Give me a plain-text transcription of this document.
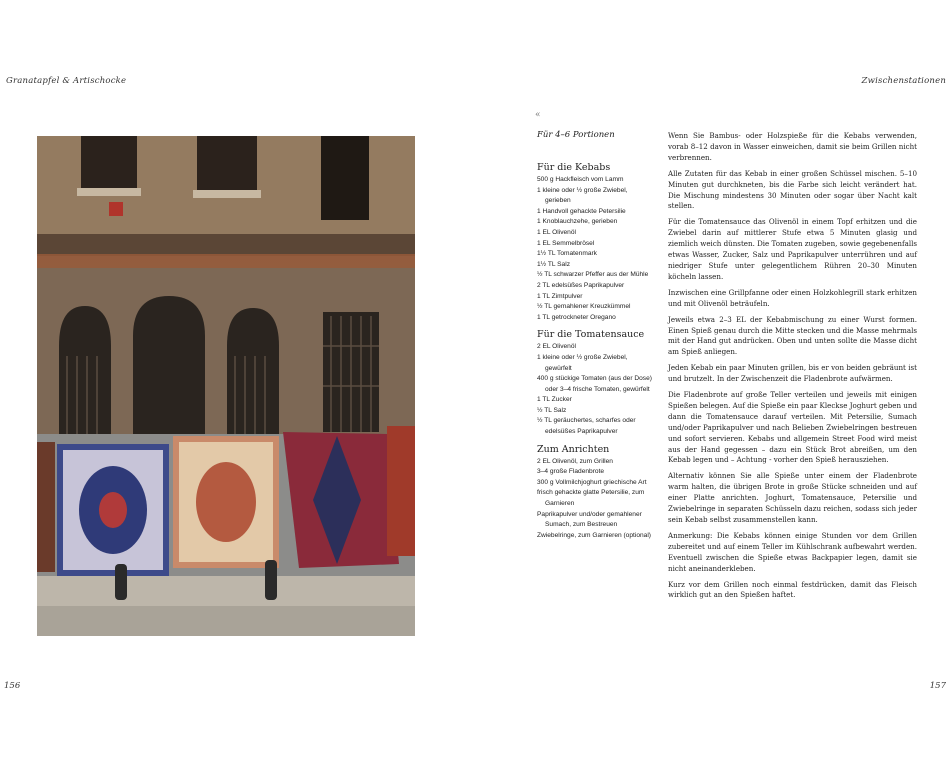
Granatapfel & Artischocke
156
Zwischenstationen
157
«
Für 4–6 Portionen
Für die Kebabs
500 g Hackfleisch vom Lamm
1 kleine oder ½ große Zwiebel, gerieben
1 Handvoll gehackte Petersilie
1 Knoblauchzehe, gerieben
1 EL Olivenöl
1 EL Semmelbrösel
1½ TL Tomatenmark
1½ TL Salz
½ TL schwarzer Pfeffer aus der Mühle
2 TL edelsüßes Paprikapulver
1 TL Zimtpulver
½ TL gemahlener Kreuzkümmel
1 TL getrockneter Oregano
Für die Tomatensauce
2 EL Olivenöl
1 kleine oder ½ große Zwiebel, gewürfelt
400 g stückige Tomaten (aus der Dose) oder 3–4 frische Tomaten, gewürfelt
1 TL Zucker
½ TL Salz
½ TL geräuchertes, scharfes oder edelsüßes Paprikapulver
Zum Anrichten
2 EL Olivenöl, zum Grillen
3–4 große Fladenbrote
300 g Vollmilchjoghurt griechische Art
frisch gehackte glatte Petersilie, zum Garnieren
Paprikapulver und/oder gemahlener Sumach, zum Bestreuen
Zwiebelringe, zum Garnieren (optional)

Wenn Sie Bambus- oder Holzspieße für die Kebabs verwenden, vorab 8–12 davon in Wasser einweichen, damit sie beim Grillen nicht verbrennen.

Alle Zutaten für das Kebab in einer großen Schüssel mischen. 5–10 Minuten gut durchkneten, bis die Farbe sich leicht verändert hat. Die Mischung mindestens 30 Minuten oder sogar über Nacht kalt stellen.

Für die Tomatensauce das Olivenöl in einem Topf erhitzen und die Zwiebel darin auf mittlerer Stufe etwa 5 Minuten glasig und ziemlich weich dünsten. Die Tomaten zugeben, sowie gegebenenfalls etwas Wasser, Zucker, Salz und Paprikapulver unterrühren und auf niedriger Stufe unter gelegentlichem Rühren 20–30 Minuten köcheln lassen.

Inzwischen eine Grillpfanne oder einen Holzkohlegrill stark erhitzen und mit Olivenöl beträufeln.

Jeweils etwa 2–3 EL der Kebabmischung zu einer Wurst formen. Einen Spieß genau durch die Mitte stecken und die Masse mehrmals mit der Hand gut andrücken. Oben und unten sollte die Masse dicht am Spieß anliegen.

Jeden Kebab ein paar Minuten grillen, bis er von beiden gebräunt ist und brutzelt. In der Zwischenzeit die Fladenbrote aufwärmen.

Die Fladenbrote auf große Teller verteilen und jeweils mit einigen Spießen belegen. Auf die Spieße ein paar Kleckse Joghurt geben und dann die Tomatensauce darauf verteilen. Mit Petersilie, Sumach und/oder Paprikapulver und nach Belieben Zwiebelringen bestreuen und sofort servieren. Kebabs und allgemein Street Food wird meist aus der Hand gegessen – dazu ein Stück Brot abreißen, um den Kebab legen und – Achtung - vorher den Spieß herausziehen.

Alternativ können Sie alle Spieße unter einem der Fladenbrote warm halten, die übrigen Brote in große Stücke schneiden und auf einer Platte anrichten. Joghurt, Tomatensauce, Petersilie und Zwiebelringe in separaten Schüsseln dazu reichen, sodass sich jeder sein Kebab selbst zusammenstellen kann.

Anmerkung: Die Kebabs können einige Stunden vor dem Grillen zubereitet und auf einem Teller im Kühlschrank aufbewahrt werden. Eventuell zwischen die Spieße etwas Backpapier legen, damit sie nicht aneinanderkleben.

Kurz vor dem Grillen noch einmal festdrücken, damit das Fleisch wirklich gut an den Spießen haftet.
